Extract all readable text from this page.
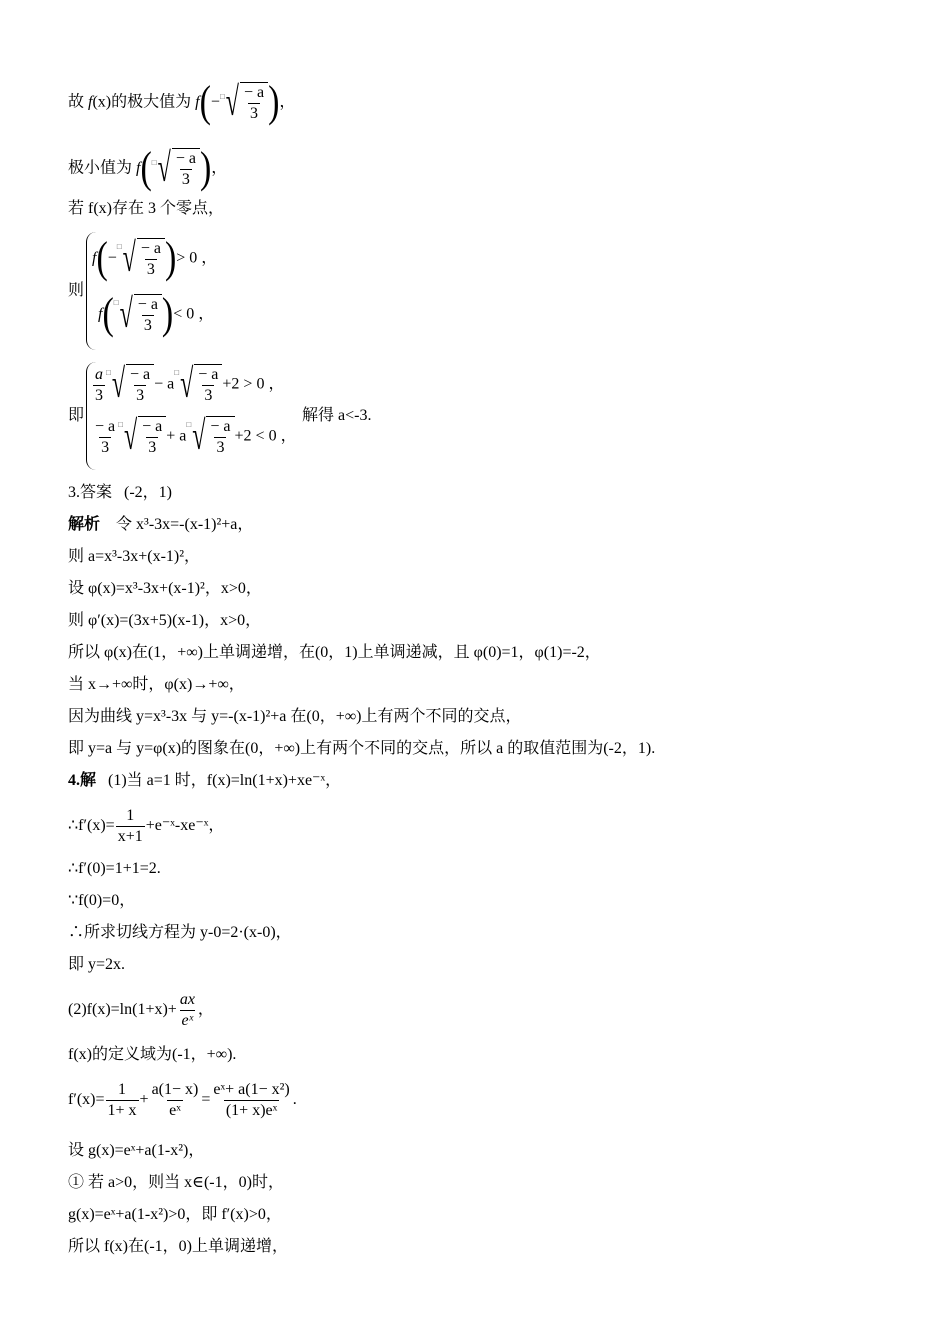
故 f(x)的极大值为 f(− □ √ $\frac{- a}{3}$ )，
极小值为 f( □ √ $\frac{- a}{3}$ )，
若 f(x)存在 3 个零点，
则
f(−
□ √ $\frac{- a}{3}$ )> 0 ，
f( □ √ $\frac{- a}{3}$ )< 0 ，
即
$\frac{a}{3}$ □ √ $\frac{- a}{3} - a$
□ √ $\frac{- a}{3} +2 > 0$ ，
$\frac{- a}{3}$ □ √ $\frac{- a}{3} + a$
□ √ $\frac{- a}{3} +2 < 0$ ，
解得 a<-3.
3.答案 (-2，1)
解析 令 x³-3x=-(x-1)²+a，
则 a=x³-3x+(x-1)²，
设 φ(x)=x³-3x+(x-1)²，x>0，
则 φ′(x)=(3x+5)(x-1)，x>0，
所以 φ(x)在(1，+∞)上单调递增，在(0，1)上单调递减，且 φ(0)=1，φ(1)=-2，
当 x→+∞时，φ(x)→+∞，
因为曲线 y=x³-3x 与 y=-(x-1)²+a 在(0，+∞)上有两个不同的交点，
即 y=a 与 y=φ(x)的图象在(0，+∞)上有两个不同的交点，所以 a 的取值范围为(-2，1).
4.解 (1)当 a=1 时，f(x)=ln(1+x)+xe⁻ˣ，
∴f′(x)= $\frac{1}{x+1}$ +e⁻ˣ-xe⁻ˣ，
∴f′(0)=1+1=2.
∵f(0)=0，
∴所求切线方程为 y-0=2·(x-0)，
即 y=2x.
$(2)f(x)=\ln(1+x)+ \frac{ax}{\text{eˣ}}$ ，
f(x)的定义域为(-1，+∞).
$f'(x)= \frac{1}{1+ x} + \frac{a(1- x)}{\text{eˣ}} = \frac{\text{eˣ+ a(1− x²)}}{\text{(1+ x)eˣ}}$ .
设 g(x)=eˣ+a(1-x²)，
① 若 a>0，则当 x∈(-1，0)时，
g(x)=eˣ+a(1-x²)>0，即 f′(x)>0，
所以 f(x)在(-1，0)上单调递增，
